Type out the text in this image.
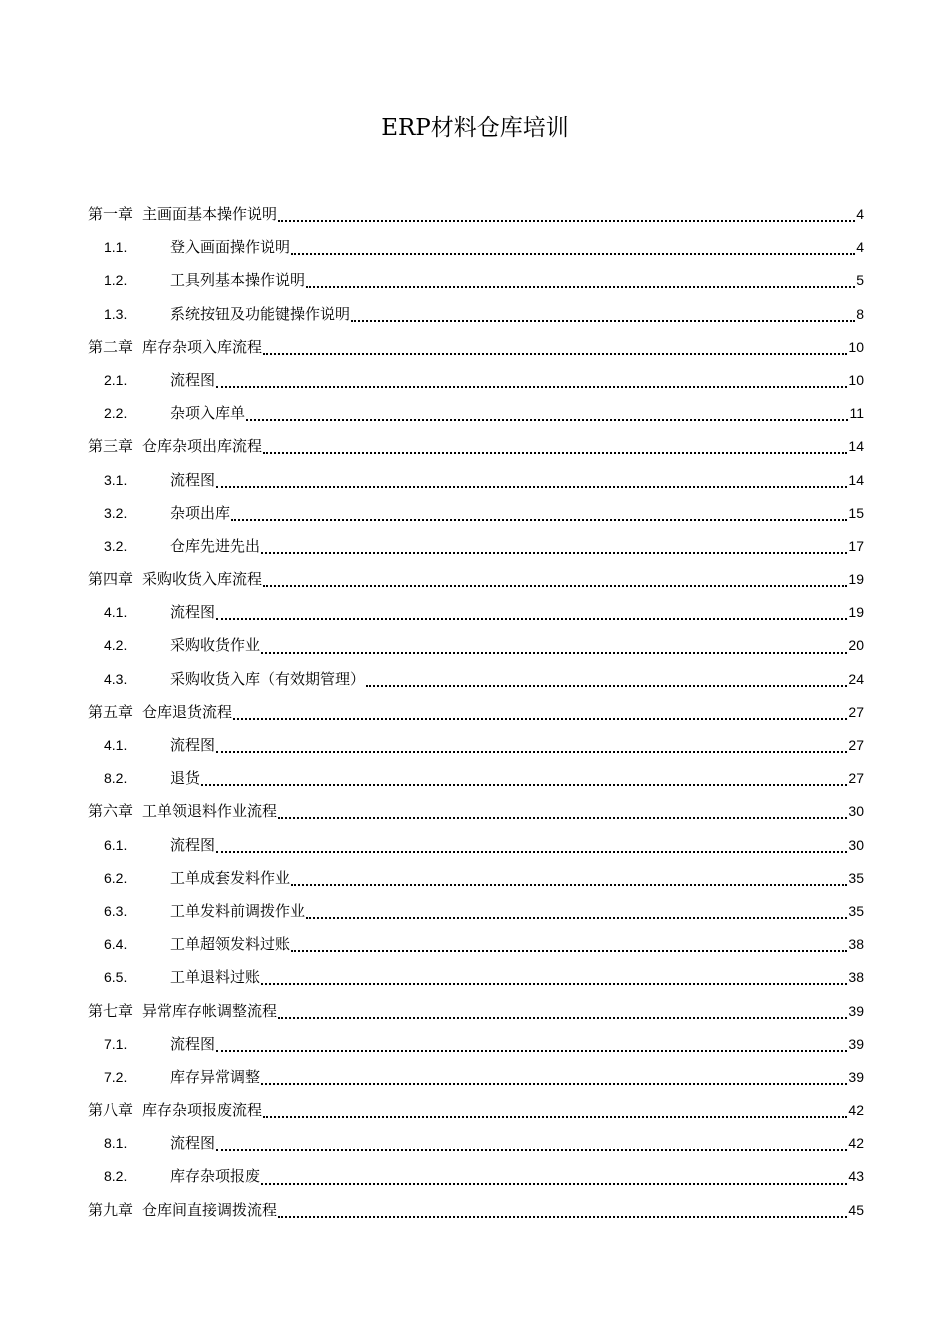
ERP材料仓库培训
第一章 主画面基本操作说明	4
1.1.	登入画面操作说明	4
1.2.	工具列基本操作说明	5
1.3.	系统按钮及功能键操作说明	8
第二章 库存杂项入库流程	10
2.1.	流程图	10
2.2.	杂项入库单	11
第三章 仓库杂项出库流程	14
3.1.	流程图	14
3.2.	杂项出库	15
3.2.	仓库先进先出	17
第四章 采购收货入库流程	19
4.1.	流程图	19
4.2.	采购收货作业	20
4.3.	采购收货入库（有效期管理）	24
第五章 仓库退货流程	27
4.1.	流程图	27
8.2.	退货	27
第六章 工单领退料作业流程	30
6.1.	流程图	30
6.2.	工单成套发料作业	35
6.3.	工单发料前调拨作业	35
6.4.	工单超领发料过账	38
6.5.	工单退料过账	38
第七章 异常库存帐调整流程	39
7.1.	流程图	39
7.2.	库存异常调整	39
第八章 库存杂项报废流程	42
8.1.	流程图	42
8.2.	库存杂项报废	43
第九章 仓库间直接调拨流程	45
